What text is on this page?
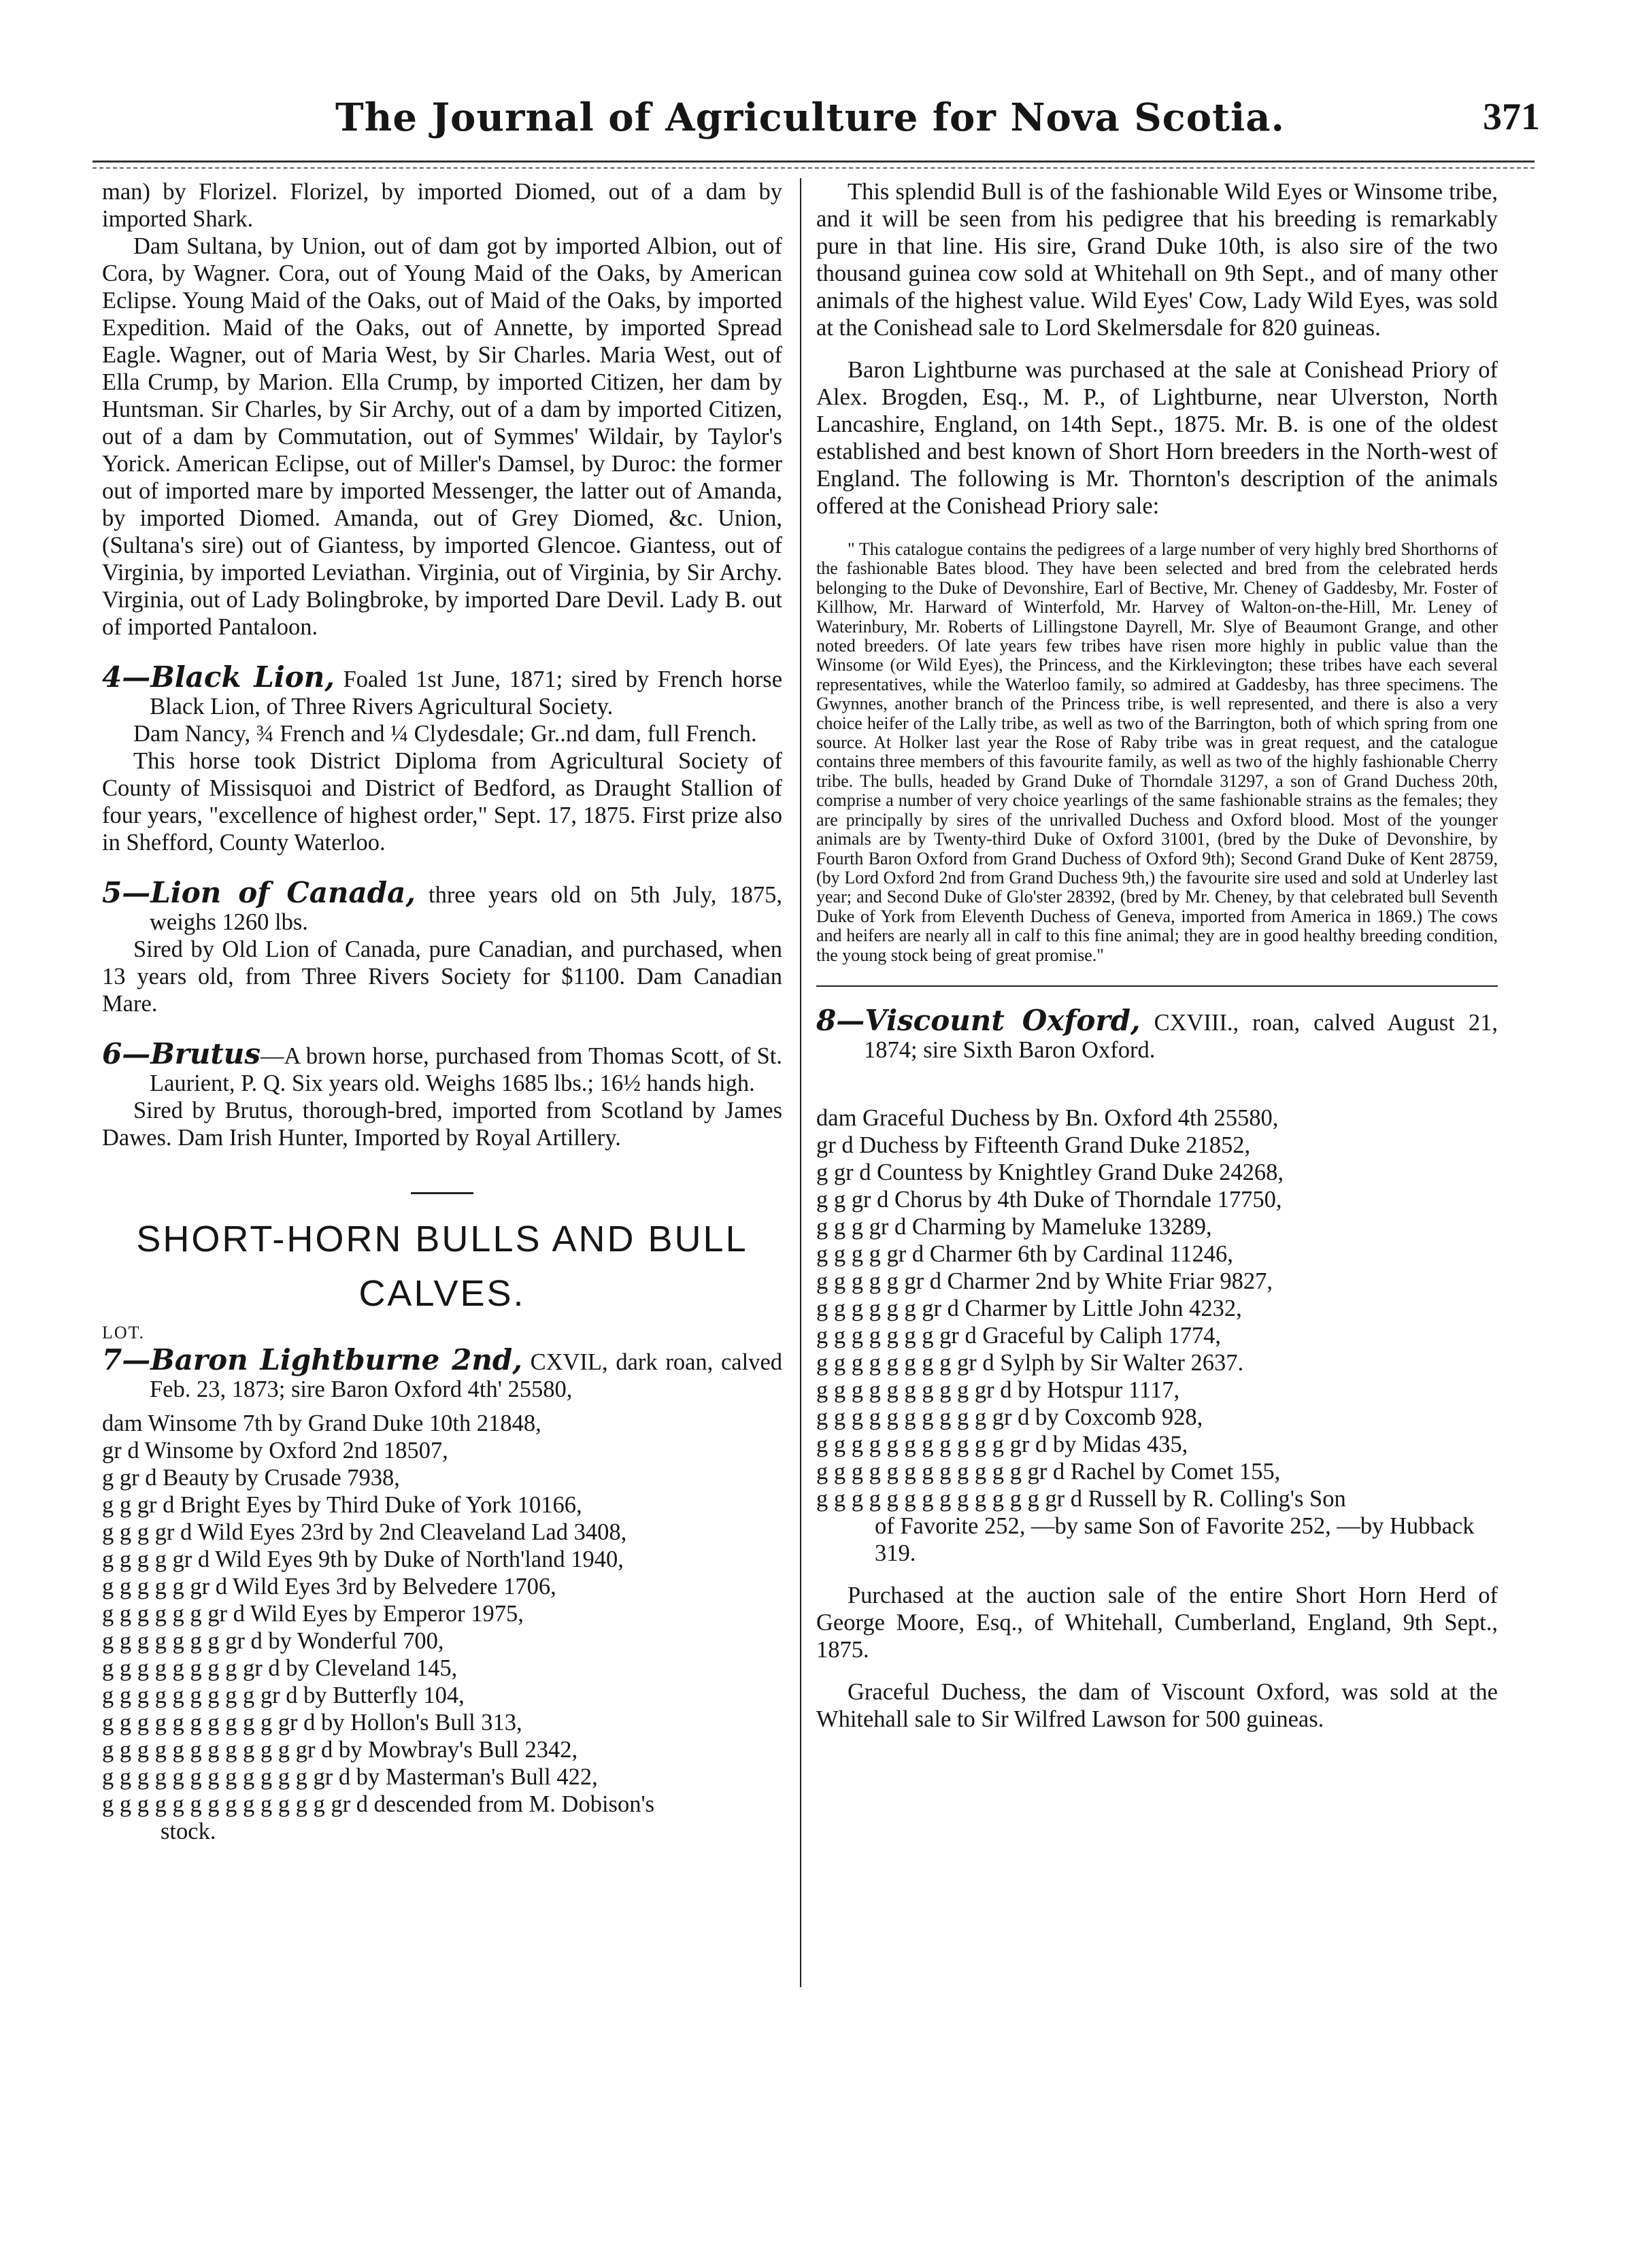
The Journal of Agriculture for Nova Scotia.	371

man) by Florizel. Florizel, by imported Diomed, out of a dam by imported Shark.

Dam Sultana, by Union, out of dam got by imported Albion, out of Cora, by Wagner. Cora, out of Young Maid of the Oaks, by American Eclipse. Young Maid of the Oaks, out of Maid of the Oaks, by imported Expedition. Maid of the Oaks, out of Annette, by imported Spread Eagle. Wagner, out of Maria West, by Sir Charles. Maria West, out of Ella Crump, by Marion. Ella Crump, by imported Citizen, her dam by Huntsman. Sir Charles, by Sir Archy, out of a dam by imported Citizen, out of a dam by Commutation, out of Symmes' Wildair, by Taylor's Yorick. American Eclipse, out of Miller's Damsel, by Duroc: the former out of imported mare by imported Messenger, the latter out of Amanda, by imported Diomed. Amanda, out of Grey Diomed, &c. Union, (Sultana's sire) out of Giantess, by imported Glencoe. Giantess, out of Virginia, by imported Leviathan. Virginia, out of Virginia, by Sir Archy. Virginia, out of Lady Bolingbroke, by imported Dare Devil. Lady B. out of imported Pantaloon.

4—Black Lion, Foaled 1st June, 1871; sired by French horse Black Lion, of Three Rivers Agricultural Society.

Dam Nancy, ¾ French and ¼ Clydesdale; Gr..nd dam, full French.

This horse took District Diploma from Agricultural Society of County of Missisquoi and District of Bedford, as Draught Stallion of four years, "excellence of highest order," Sept. 17, 1875. First prize also in Shefford, County Waterloo.

5—Lion of Canada, three years old on 5th July, 1875, weighs 1260 lbs.

Sired by Old Lion of Canada, pure Canadian, and purchased, when 13 years old, from Three Rivers Society for $1100. Dam Canadian Mare.

6—Brutus—A brown horse, purchased from Thomas Scott, of St. Laurient, P. Q. Six years old. Weighs 1685 lbs.; 16½ hands high.

Sired by Brutus, thorough-bred, imported from Scotland by James Dawes. Dam Irish Hunter, Imported by Royal Artillery.

SHORT-HORN BULLS AND BULL CALVES.
LOT.

7—Baron Lightburne 2nd, CXVIL, dark roan, calved Feb. 23, 1873; sire Baron Oxford 4th' 25580,

dam Winsome 7th by Grand Duke 10th 21848,

gr d Winsome by Oxford 2nd 18507,

g gr d Beauty by Crusade 7938,

g g gr d Bright Eyes by Third Duke of York 10166,

g g g gr d Wild Eyes 23rd by 2nd Cleaveland Lad 3408,

g g g g gr d Wild Eyes 9th by Duke of North'land 1940,

g g g g g gr d Wild Eyes 3rd by Belvedere 1706,

g g g g g g gr d Wild Eyes by Emperor 1975,

g g g g g g g gr d by Wonderful 700,

g g g g g g g g gr d by Cleveland 145,

g g g g g g g g g gr d by Butterfly 104,

g g g g g g g g g g gr d by Hollon's Bull 313,

g g g g g g g g g g g gr d by Mowbray's Bull 2342,

g g g g g g g g g g g g gr d by Masterman's Bull 422,

g g g g g g g g g g g g g gr d descended from M. Dobison's

stock.

This splendid Bull is of the fashionable Wild Eyes or Winsome tribe, and it will be seen from his pedigree that his breeding is remarkably pure in that line. His sire, Grand Duke 10th, is also sire of the two thousand guinea cow sold at Whitehall on 9th Sept., and of many other animals of the highest value. Wild Eyes' Cow, Lady Wild Eyes, was sold at the Conishead sale to Lord Skelmersdale for 820 guineas.

Baron Lightburne was purchased at the sale at Conishead Priory of Alex. Brogden, Esq., M. P., of Lightburne, near Ulverston, North Lancashire, England, on 14th Sept., 1875. Mr. B. is one of the oldest established and best known of Short Horn breeders in the North-west of England. The following is Mr. Thornton's description of the animals offered at the Conishead Priory sale:

" This catalogue contains the pedigrees of a large number of very highly bred Shorthorns of the fashionable Bates blood. They have been selected and bred from the celebrated herds belonging to the Duke of Devonshire, Earl of Bective, Mr. Cheney of Gaddesby, Mr. Foster of Killhow, Mr. Harward of Winterfold, Mr. Harvey of Walton-on-the-Hill, Mr. Leney of Waterinbury, Mr. Roberts of Lillingstone Dayrell, Mr. Slye of Beaumont Grange, and other noted breeders. Of late years few tribes have risen more highly in public value than the Winsome (or Wild Eyes), the Princess, and the Kirklevington; these tribes have each several representatives, while the Waterloo family, so admired at Gaddesby, has three specimens. The Gwynnes, another branch of the Princess tribe, is well represented, and there is also a very choice heifer of the Lally tribe, as well as two of the Barrington, both of which spring from one source. At Holker last year the Rose of Raby tribe was in great request, and the catalogue contains three members of this favourite family, as well as two of the highly fashionable Cherry tribe. The bulls, headed by Grand Duke of Thorndale 31297, a son of Grand Duchess 20th, comprise a number of very choice yearlings of the same fashionable strains as the females; they are principally by sires of the unrivalled Duchess and Oxford blood. Most of the younger animals are by Twenty-third Duke of Oxford 31001, (bred by the Duke of Devonshire, by Fourth Baron Oxford from Grand Duchess of Oxford 9th); Second Grand Duke of Kent 28759, (by Lord Oxford 2nd from Grand Duchess 9th,) the favourite sire used and sold at Underley last year; and Second Duke of Glo'ster 28392, (bred by Mr. Cheney, by that celebrated bull Seventh Duke of York from Eleventh Duchess of Geneva, imported from America in 1869.) The cows and heifers are nearly all in calf to this fine animal; they are in good healthy breeding condition, the young stock being of great promise."

8—Viscount Oxford, CXVIII., roan, calved August 21, 1874; sire Sixth Baron Oxford.

dam Graceful Duchess by Bn. Oxford 4th 25580,

gr d Duchess by Fifteenth Grand Duke 21852,

g gr d Countess by Knightley Grand Duke 24268,

g g gr d Chorus by 4th Duke of Thorndale 17750,

g g g gr d Charming by Mameluke 13289,

g g g g gr d Charmer 6th by Cardinal 11246,

g g g g g gr d Charmer 2nd by White Friar 9827,

g g g g g g gr d Charmer by Little John 4232,

g g g g g g g gr d Graceful by Caliph 1774,

g g g g g g g g gr d Sylph by Sir Walter 2637.

g g g g g g g g g gr d by Hotspur 1117,

g g g g g g g g g g gr d by Coxcomb 928,

g g g g g g g g g g g gr d by Midas 435,

g g g g g g g g g g g g gr d Rachel by Comet 155,

g g g g g g g g g g g g g gr d Russell by R. Colling's Son

of Favorite 252, —by same Son of Favorite 252, —by Hubback 319.

Purchased at the auction sale of the entire Short Horn Herd of George Moore, Esq., of Whitehall, Cumberland, England, 9th Sept., 1875.

Graceful Duchess, the dam of Viscount Oxford, was sold at the Whitehall sale to Sir Wilfred Lawson for 500 guineas.
